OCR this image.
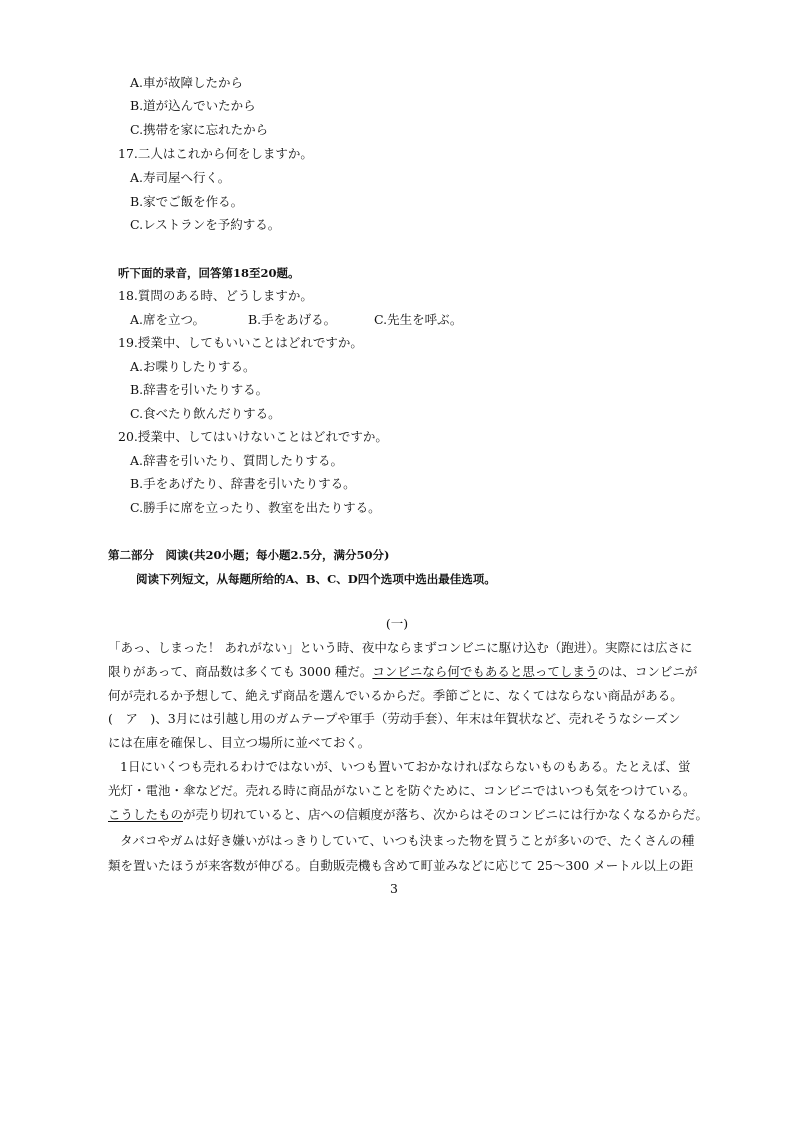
A.車が故障したから
B.道が込んでいたから
C.携帯を家に忘れたから
17.二人はこれから何をしますか。
A.寿司屋へ行く。
B.家でご飯を作る。
C.レストランを予約する。
听下面的录音，回答第18至20题。
18.質問のある時、どうしますか。
A.席を立つ。	B.手をあげる。	C.先生を呼ぶ。
19.授業中、してもいいことはどれですか。
A.お喋りしたりする。
B.辞書を引いたりする。
C.食べたり飲んだりする。
20.授業中、してはいけないことはどれですか。
A.辞書を引いたり、質問したりする。
B.手をあげたり、辞書を引いたりする。
C.勝手に席を立ったり、教室を出たりする。
第二部分　阅读(共20小题；每小题2.5分，满分50分)
阅读下列短文，从每题所给的A、B、C、D四个选项中选出最佳选项。
(一)
「あっ、しまった！ あれがない」という時、夜中ならまずコンビニに駆け込む（跑进）。実際には広さに
限りがあって、商品数は多くても 3000 種だ。コンビニなら何でもあると思ってしまうのは、コンビニが
何が売れるか予想して、絶えず商品を選んでいるからだ。季節ごとに、なくてはならない商品がある。
(　ア　)、3月には引越し用のガムテープや軍手（劳动手套）、年末は年賀状など、売れそうなシーズン
には在庫を確保し、目立つ場所に並べておく。
1日にいくつも売れるわけではないが、いつも置いておかなければならないものもある。たとえば、蛍
光灯・電池・傘などだ。売れる時に商品がないことを防ぐために、コンビニではいつも気をつけている。
こうしたものが売り切れていると、店への信頼度が落ち、次からはそのコンビニには行かなくなるからだ。
タバコやガムは好き嫌いがはっきりしていて、いつも決まった物を買うことが多いので、たくさんの種
類を置いたほうが来客数が伸びる。自動販売機も含めて町並みなどに応じて 25～300 メートル以上の距
3
